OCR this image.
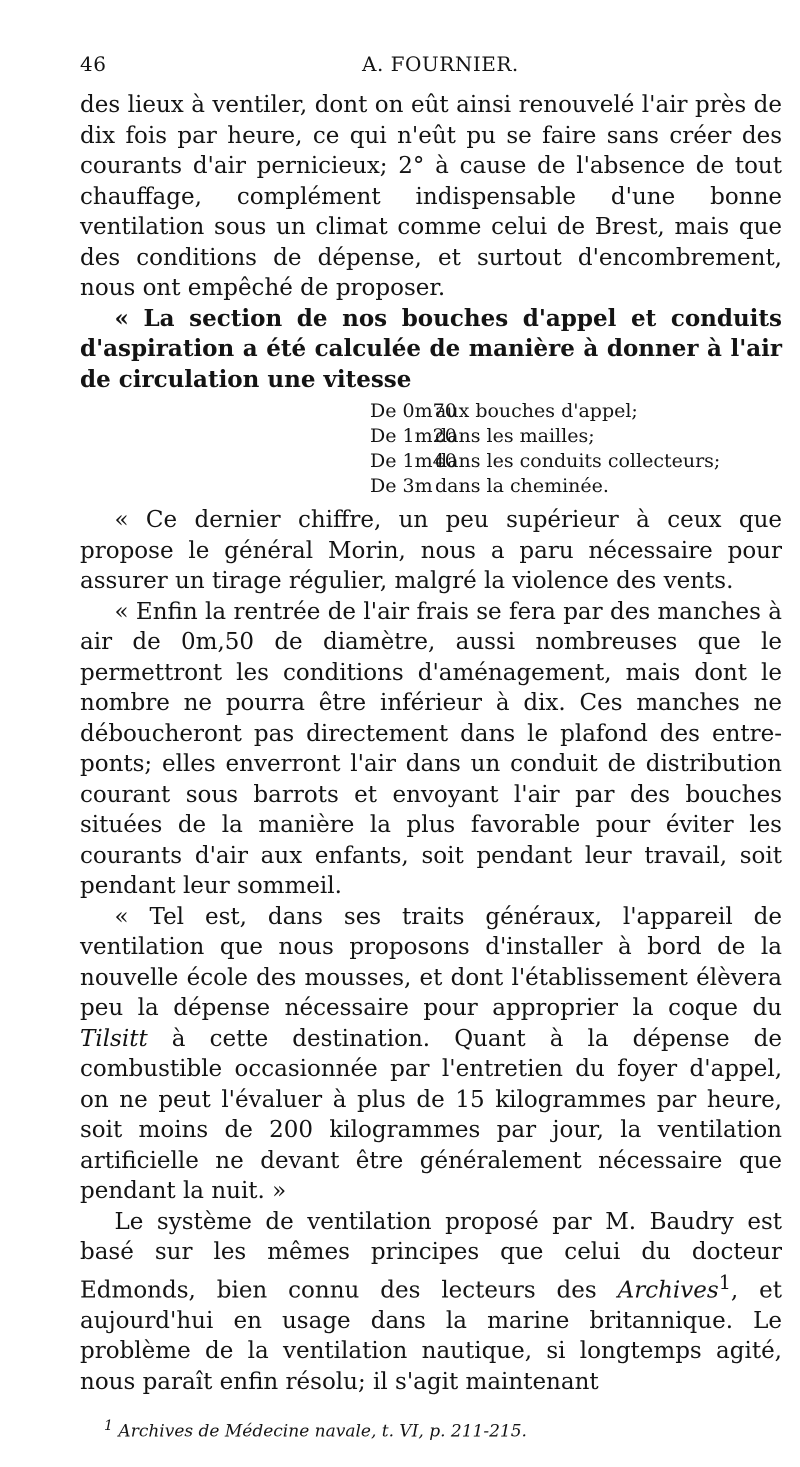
46	A. FOURNIER.

des lieux à ventiler, dont on eût ainsi renouvelé l'air près de dix fois par heure, ce qui n'eût pu se faire sans créer des courants d'air pernicieux; 2° à cause de l'absence de tout chauffage, complément indispensable d'une bonne ventilation sous un climat comme celui de Brest, mais que des conditions de dépense, et surtout d'encombrement, nous ont empêché de proposer.

« La section de nos bouches d'appel et conduits d'aspiration a été calculée de manière à donner à l'air de circulation une vitesse

De 0m70
aux bouches d'appel;
De 1m20
dans les mailles;
De 1m40
dans les conduits collecteurs;
De 3m dans la cheminée.

« Ce dernier chiffre, un peu supérieur à ceux que propose le général Morin, nous a paru nécessaire pour assurer un tirage régulier, malgré la violence des vents.

« Enfin la rentrée de l'air frais se fera par des manches à air de 0m,50 de diamètre, aussi nombreuses que le permettront les conditions d'aménagement, mais dont le nombre ne pourra être inférieur à dix. Ces manches ne déboucheront pas directement dans le plafond des entre-ponts; elles enverront l'air dans un conduit de distribution courant sous barrots et envoyant l'air par des bouches situées de la manière la plus favorable pour éviter les courants d'air aux enfants, soit pendant leur travail, soit pendant leur sommeil.

« Tel est, dans ses traits généraux, l'appareil de ventilation que nous proposons d'installer à bord de la nouvelle école des mousses, et dont l'établissement élèvera peu la dépense nécessaire pour approprier la coque du Tilsitt à cette destination. Quant à la dépense de combustible occasionnée par l'entretien du foyer d'appel, on ne peut l'évaluer à plus de 15 kilogrammes par heure, soit moins de 200 kilogrammes par jour, la ventilation artificielle ne devant être généralement nécessaire que pendant la nuit. »

Le système de ventilation proposé par M. Baudry est basé sur les mêmes principes que celui du docteur Edmonds, bien connu des lecteurs des Archives$^1$, et aujourd'hui en usage dans la marine britannique. Le problème de la ventilation nautique, si longtemps agité, nous paraît enfin résolu; il s'agit maintenant

$^1$ Archives de Médecine navale, t. VI, p. 211-215.
